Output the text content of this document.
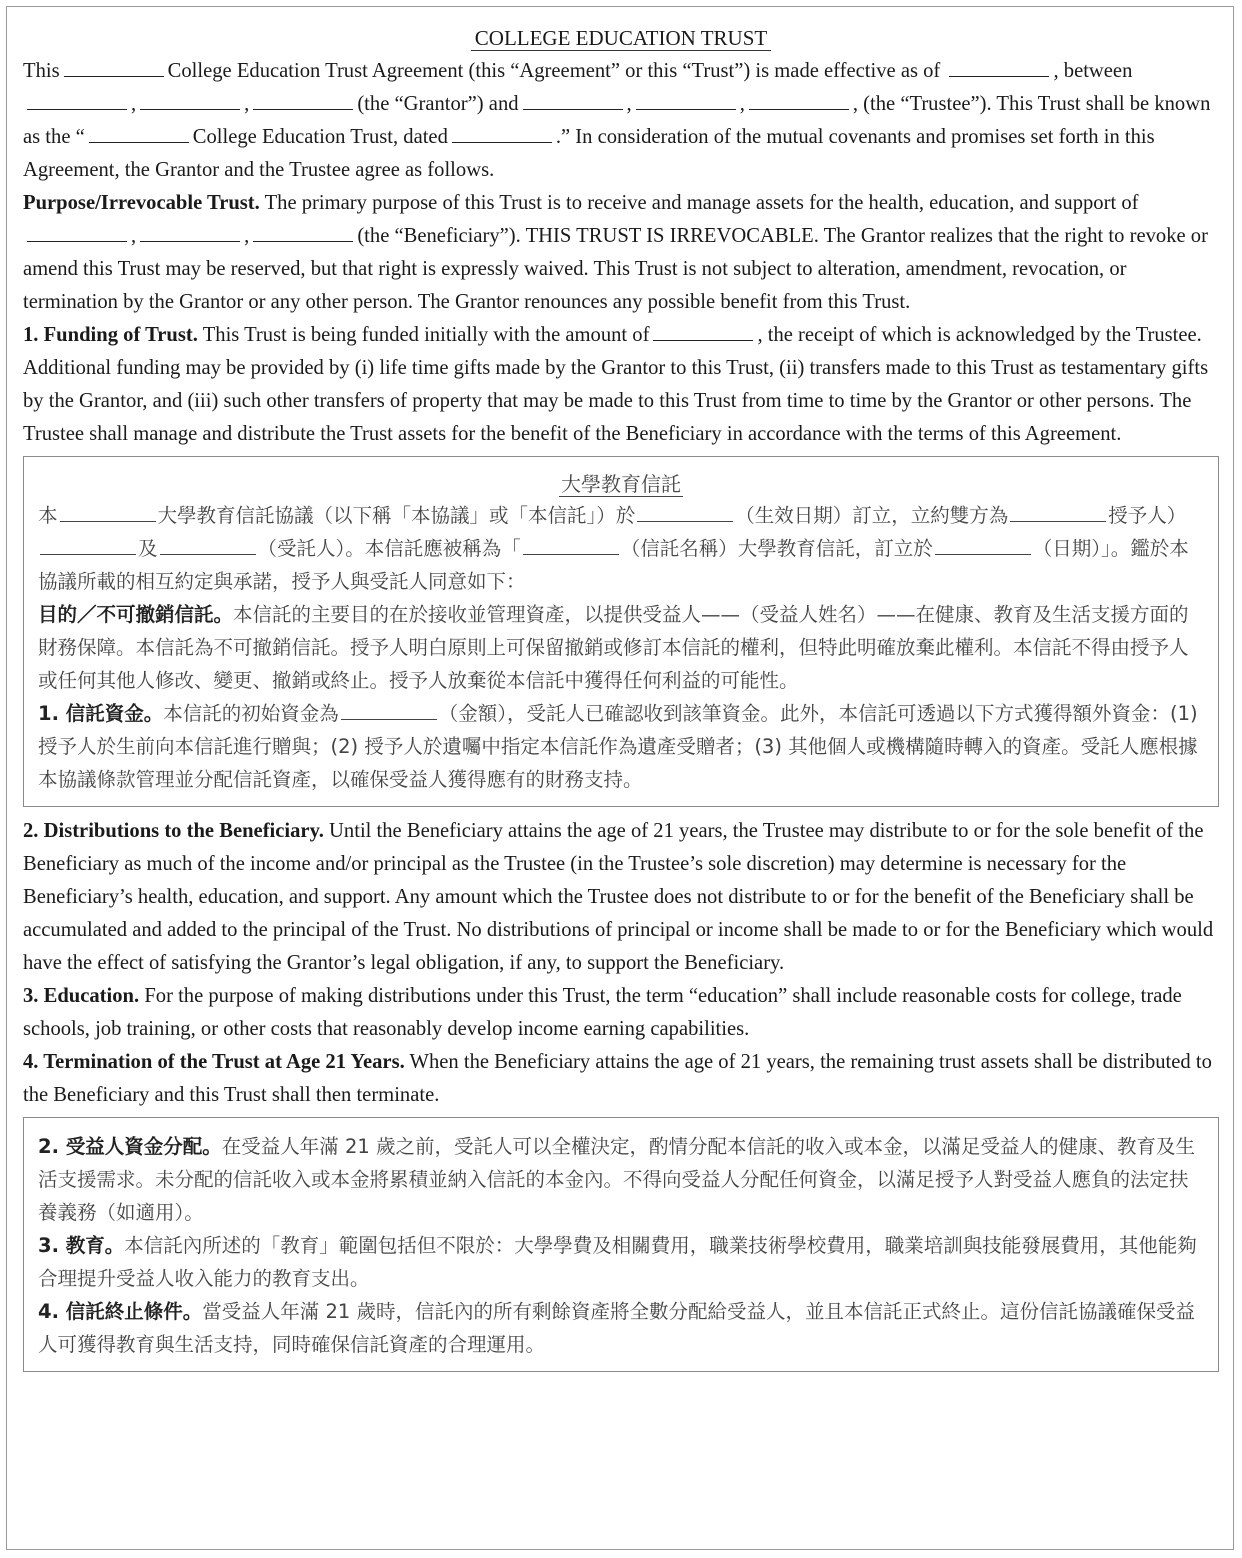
COLLEGE EDUCATION TRUST

This	College Education Trust Agreement (this “Agreement” or this “Trust”) is made effective as of	, between,	,	(the “Grantor”) and	,	,	, (the “Trustee”). This Trust shall be known as the “	College Education Trust, dated	.” In consideration of the mutual covenants and promises set forth in this Agreement, the Grantor and the Trustee agree as follows.

Purpose/Irrevocable Trust. The primary purpose of this Trust is to receive and manage assets for the health, education, and support of,	,	(the “Beneficiary”). THIS TRUST IS IRREVOCABLE. The Grantor realizes that the right to revoke or amend this Trust may be reserved, but that right is expressly waived. This Trust is not subject to alteration, amendment, revocation, or termination by the Grantor or any other person. The Grantor renounces any possible benefit from this Trust.

1. Funding of Trust. This Trust is being funded initially with the amount of	, the receipt of which is acknowledged by the Trustee. Additional funding may be provided by (i) life time gifts made by the Grantor to this Trust, (ii) transfers made to this Trust as testamentary gifts by the Grantor, and (iii) such other transfers of property that may be made to this Trust from time to time by the Grantor or other persons. The Trustee shall manage and distribute the Trust assets for the benefit of the Beneficiary in accordance with the terms of this Agreement.

大學教育信託

本	大學教育信託協議（以下稱「本協議」或「本信託」）於	（生效日期）訂立，立約雙方為	授予人）及	（受託人）。本信託應被稱為「	（信託名稱）大學教育信託，訂立於	（日期）」。鑑於本協議所載的相互約定與承諾，授予人與受託人同意如下：

目的／不可撤銷信託。本信託的主要目的在於接收並管理資產，以提供受益人——（受益人姓名）——在健康、教育及生活支援方面的財務保障。本信託為不可撤銷信託。授予人明白原則上可保留撤銷或修訂本信託的權利，但特此明確放棄此權利。本信託不得由授予人或任何其他人修改、變更、撤銷或終止。授予人放棄從本信託中獲得任何利益的可能性。

1. 信託資金。本信託的初始資金為	（金額），受託人已確認收到該筆資金。此外，本信託可透過以下方式獲得額外資金：(1) 授予人於生前向本信託進行贈與；(2) 授予人於遺囑中指定本信託作為遺產受贈者；(3) 其他個人或機構隨時轉入的資產。受託人應根據本協議條款管理並分配信託資產，以確保受益人獲得應有的財務支持。

2. Distributions to the Beneficiary. Until the Beneficiary attains the age of 21 years, the Trustee may distribute to or for the sole benefit of the Beneficiary as much of the income and/or principal as the Trustee (in the Trustee’s sole discretion) may determine is necessary for the Beneficiary’s health, education, and support. Any amount which the Trustee does not distribute to or for the benefit of the Beneficiary shall be accumulated and added to the principal of the Trust. No distributions of principal or income shall be made to or for the Beneficiary which would have the effect of satisfying the Grantor’s legal obligation, if any, to support the Beneficiary.

3. Education. For the purpose of making distributions under this Trust, the term “education” shall include reasonable costs for college, trade schools, job training, or other costs that reasonably develop income earning capabilities.

4. Termination of the Trust at Age 21 Years. When the Beneficiary attains the age of 21 years, the remaining trust assets shall be distributed to the Beneficiary and this Trust shall then terminate.

2. 受益人資金分配。在受益人年滿 21 歲之前，受託人可以全權決定，酌情分配本信託的收入或本金，以滿足受益人的健康、教育及生活支援需求。未分配的信託收入或本金將累積並納入信託的本金內。不得向受益人分配任何資金，以滿足授予人對受益人應負的法定扶養義務（如適用）。

3. 教育。本信託內所述的「教育」範圍包括但不限於：大學學費及相關費用，職業技術學校費用，職業培訓與技能發展費用，其他能夠合理提升受益人收入能力的教育支出。

4. 信託終止條件。當受益人年滿 21 歲時，信託內的所有剩餘資產將全數分配給受益人，並且本信託正式終止。這份信託協議確保受益人可獲得教育與生活支持，同時確保信託資產的合理運用。
